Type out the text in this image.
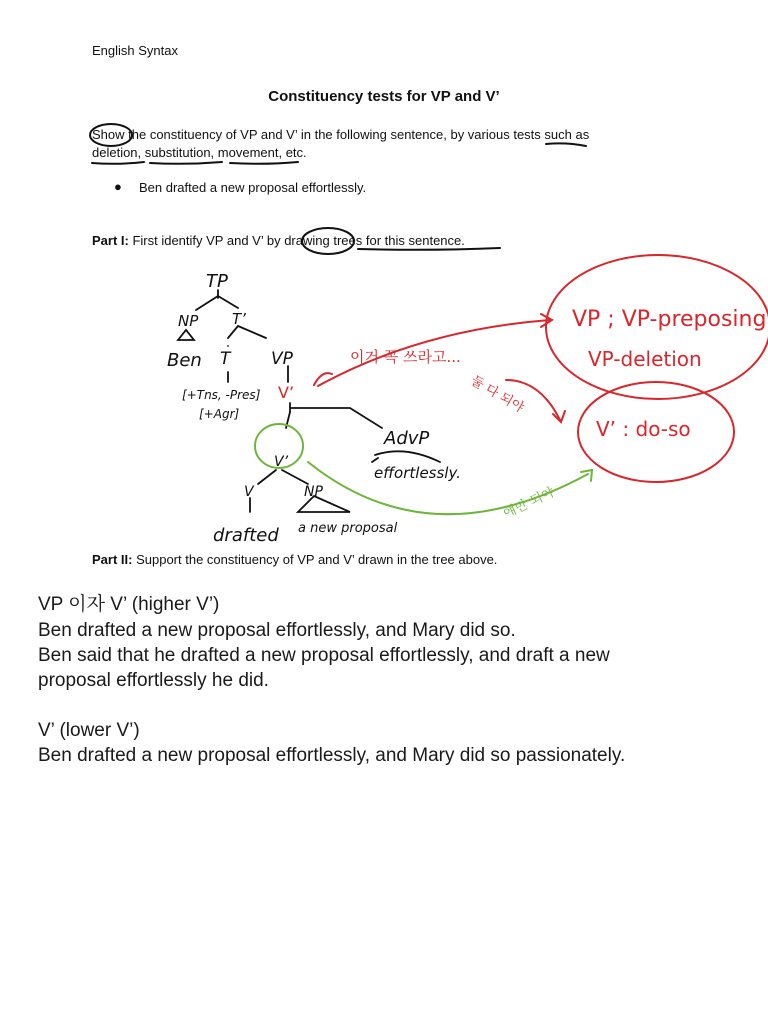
English Syntax
Constituency tests for VP and V’
Show the constituency of VP and V’ in the following sentence, by various tests such as
deletion, substitution, movement, etc.
● Ben drafted a new proposal effortlessly.
Part I: First identify VP and V’ by drawing trees for this sentence.
Part II: Support the constituency of VP and V’ drawn in the tree above.
TP
NP T’
Ben T VP
[+Tns, -Pres]
[+Agr]
V’
AdvP
effortlessly.
V	NP
drafted a new proposal
V’
이거 꼭 쓰라고...
VP ; VP-preposing
VP-deletion
V’ : do-so
둘 다 되야
얘만 되야
VP 이자 V’ (higher V’)
Ben drafted a new proposal effortlessly, and Mary did so.
Ben said that he drafted a new proposal effortlessly, and draft a new
proposal effortlessly he did.
V’ (lower V’)
Ben drafted a new proposal effortlessly, and Mary did so passionately.
